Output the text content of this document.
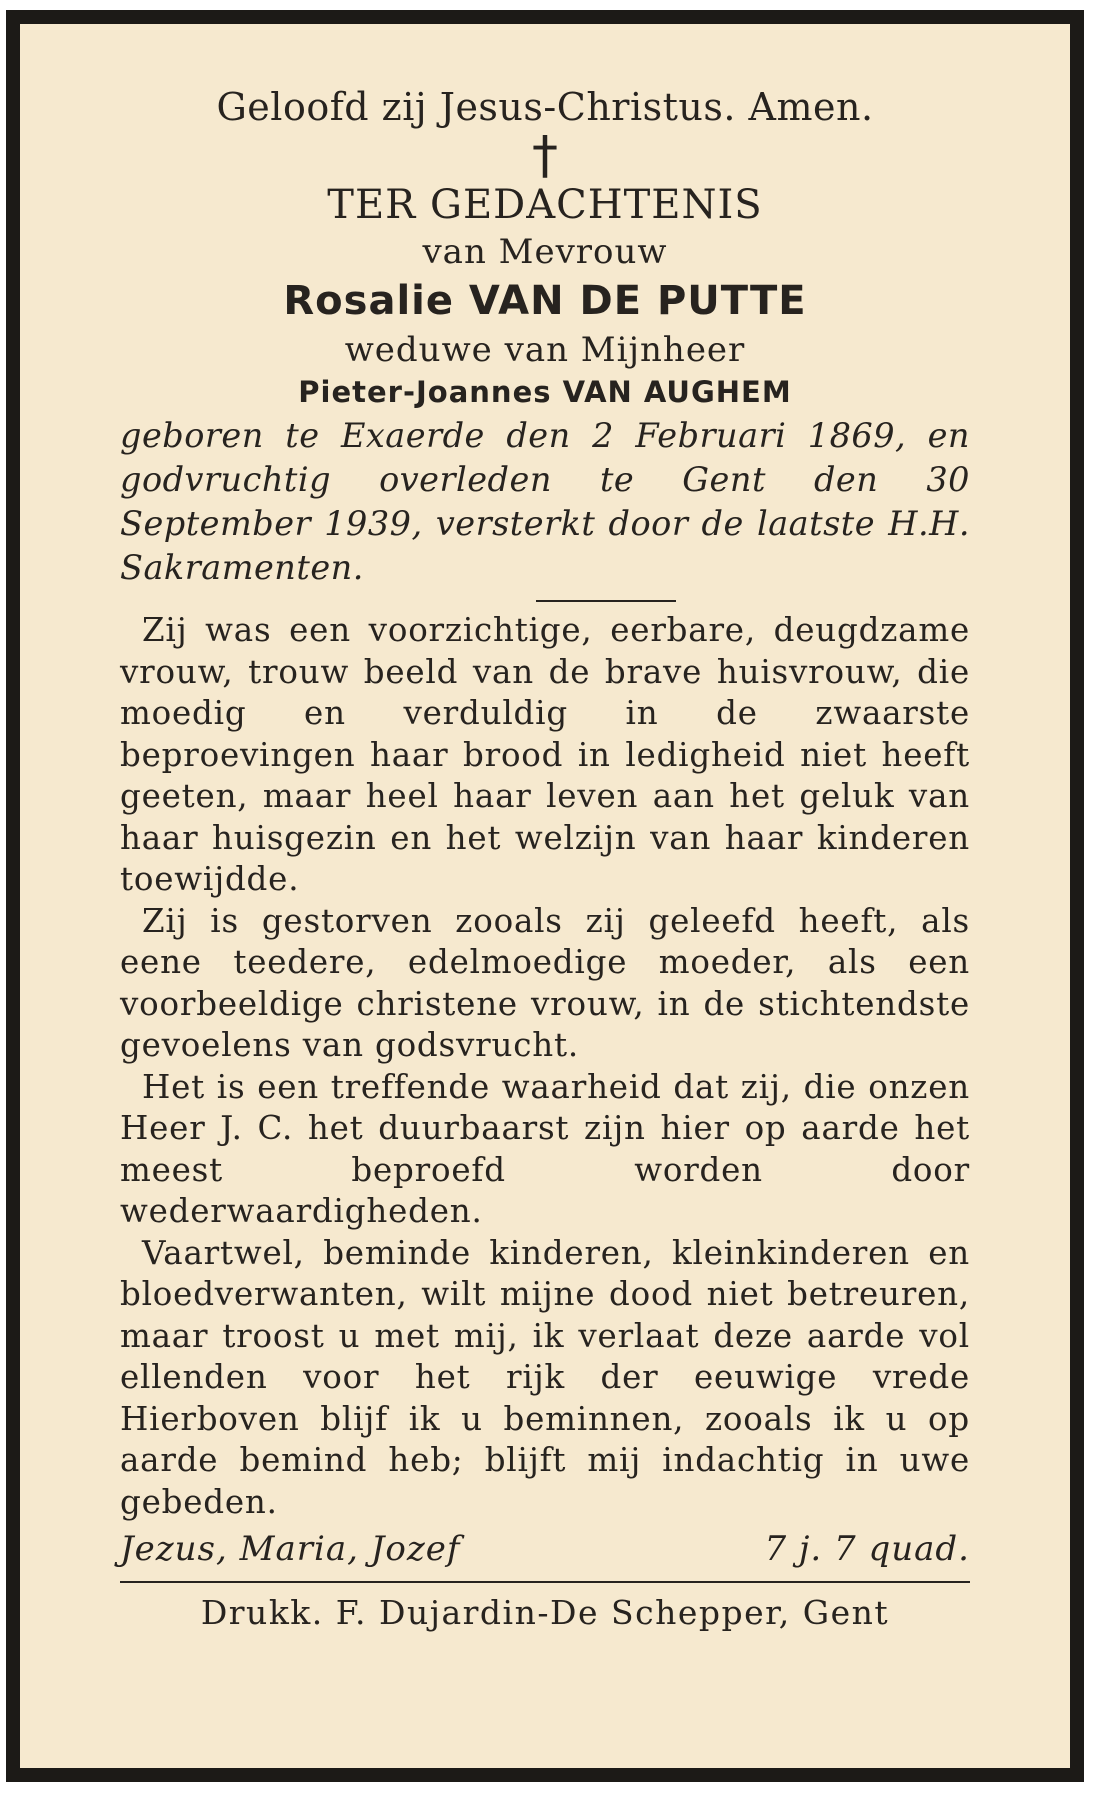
Geloofd zij Jesus-Christus. Amen.
†
TER GEDACHTENIS
van Mevrouw
Rosalie VAN DE PUTTE
weduwe van Mijnheer
Pieter-Joannes VAN AUGHEM
geboren te Exaerde den 2 Februari 1869, en godvruchtig overleden te Gent den 30 September 1939, versterkt door de laatste H.H. Sakramenten.

Zij was een voorzichtige, eerbare, deugdzame vrouw, trouw beeld van de brave huisvrouw, die moedig en verduldig in de zwaarste beproevingen haar brood in ledigheid niet heeft geeten, maar heel haar leven aan het geluk van haar huisgezin en het welzijn van haar kinderen toewijdde.

Zij is gestorven zooals zij geleefd heeft, als eene teedere, edelmoedige moeder, als een voorbeeldige christene vrouw, in de stichtendste gevoelens van godsvrucht.

Het is een treffende waarheid dat zij, die onzen Heer J. C. het duurbaarst zijn hier op aarde het meest beproefd worden door wederwaardigheden.

Vaartwel, beminde kinderen, kleinkinderen en bloedverwanten, wilt mijne dood niet betreuren, maar troost u met mij, ik verlaat deze aarde vol ellenden voor het rijk der eeuwige vrede Hierboven blijf ik u beminnen, zooals ik u op aarde bemind heb; blijft mij indachtig in uwe gebeden.

Jezus, Maria, Jozef	7 j. 7 quad.
Drukk. F. Dujardin-De Schepper, Gent
